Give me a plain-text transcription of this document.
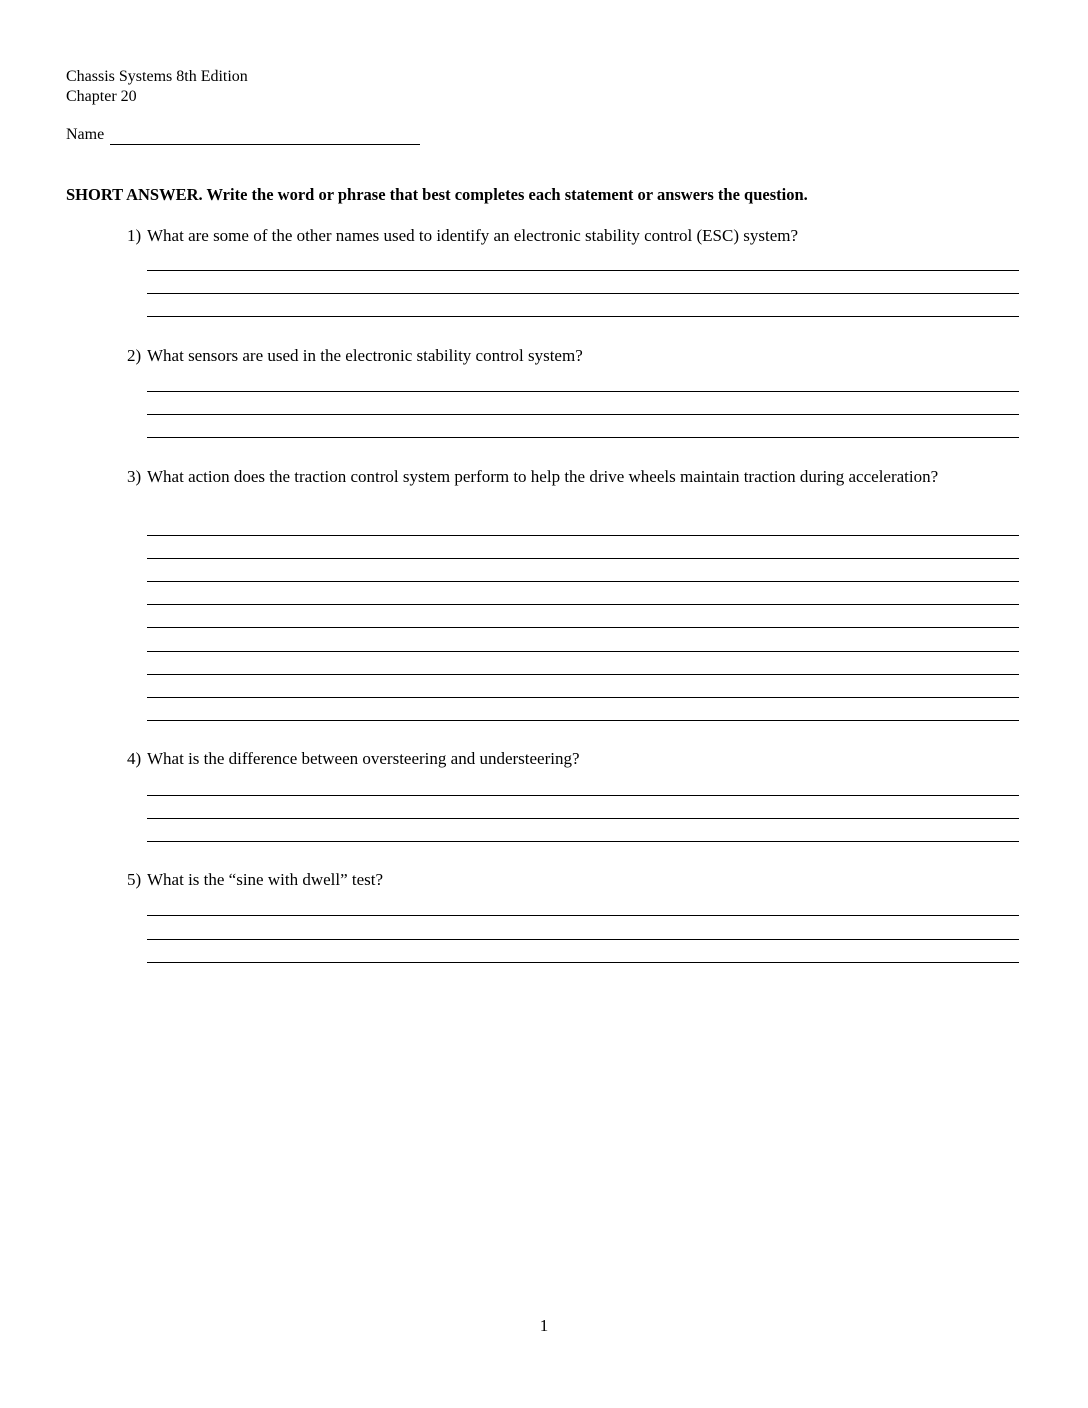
Chassis Systems 8th Edition
Chapter 20
Name
SHORT ANSWER. Write the word or phrase that best completes each statement or answers the question.
1) What are some of the other names used to identify an electronic stability control (ESC) system?
2) What sensors are used in the electronic stability control system?
3) What action does the traction control system perform to help the drive wheels maintain traction during acceleration?
4) What is the difference between oversteering and understeering?
5) What is the “sine with dwell” test?
1
